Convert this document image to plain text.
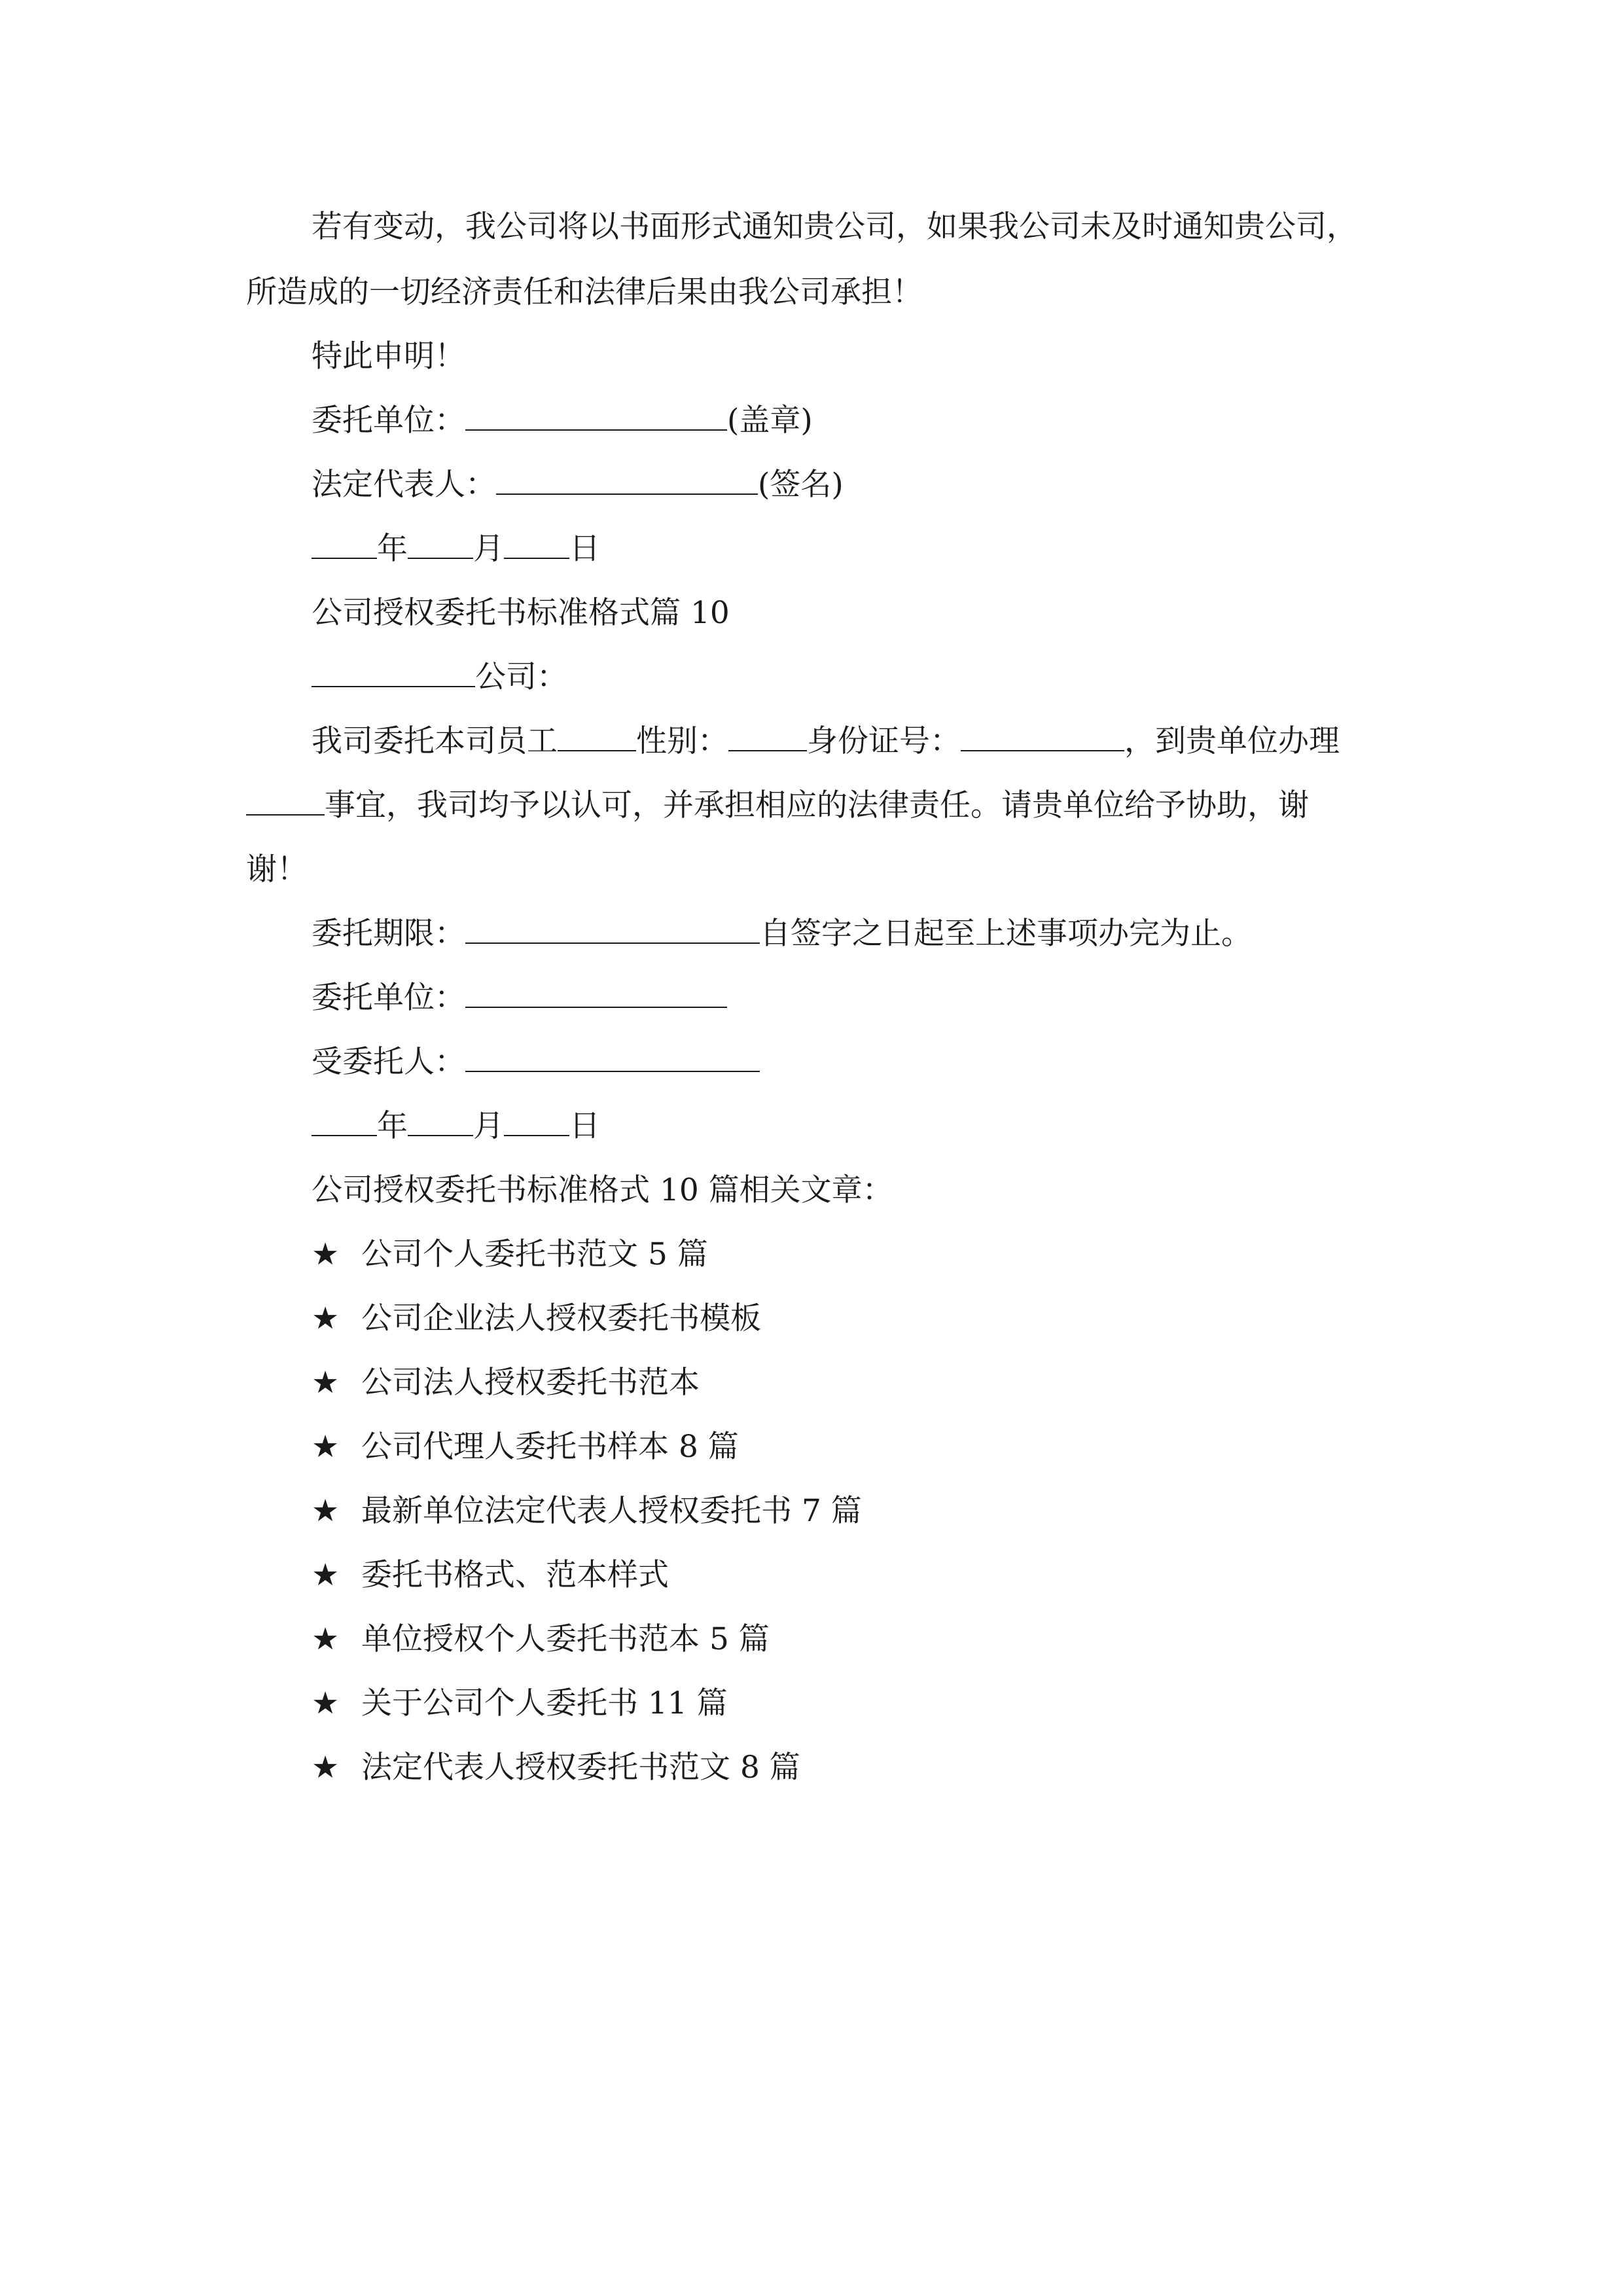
若有变动，我公司将以书面形式通知贵公司，如果我公司未及时通知贵公司，
所造成的一切经济责任和法律后果由我公司承担！
特此申明！
委托单位：	(盖章)
法定代表人：	(签名)
年 月 日
公司授权委托书标准格式篇 10
公司：
我司委托本司员工	性别：	身份证号：	，到贵单位办理
事宜，我司均予以认可，并承担相应的法律责任。请贵单位给予协助，谢
谢！
委托期限：	自签字之日起至上述事项办完为止。
委托单位：
受委托人：
年 月 日
公司授权委托书标准格式 10 篇相关文章：
★ 公司个人委托书范文 5 篇
★ 公司企业法人授权委托书模板
★ 公司法人授权委托书范本
★ 公司代理人委托书样本 8 篇
★ 最新单位法定代表人授权委托书 7 篇
★ 委托书格式、范本样式
★ 单位授权个人委托书范本 5 篇
★ 关于公司个人委托书 11 篇
★ 法定代表人授权委托书范文 8 篇
